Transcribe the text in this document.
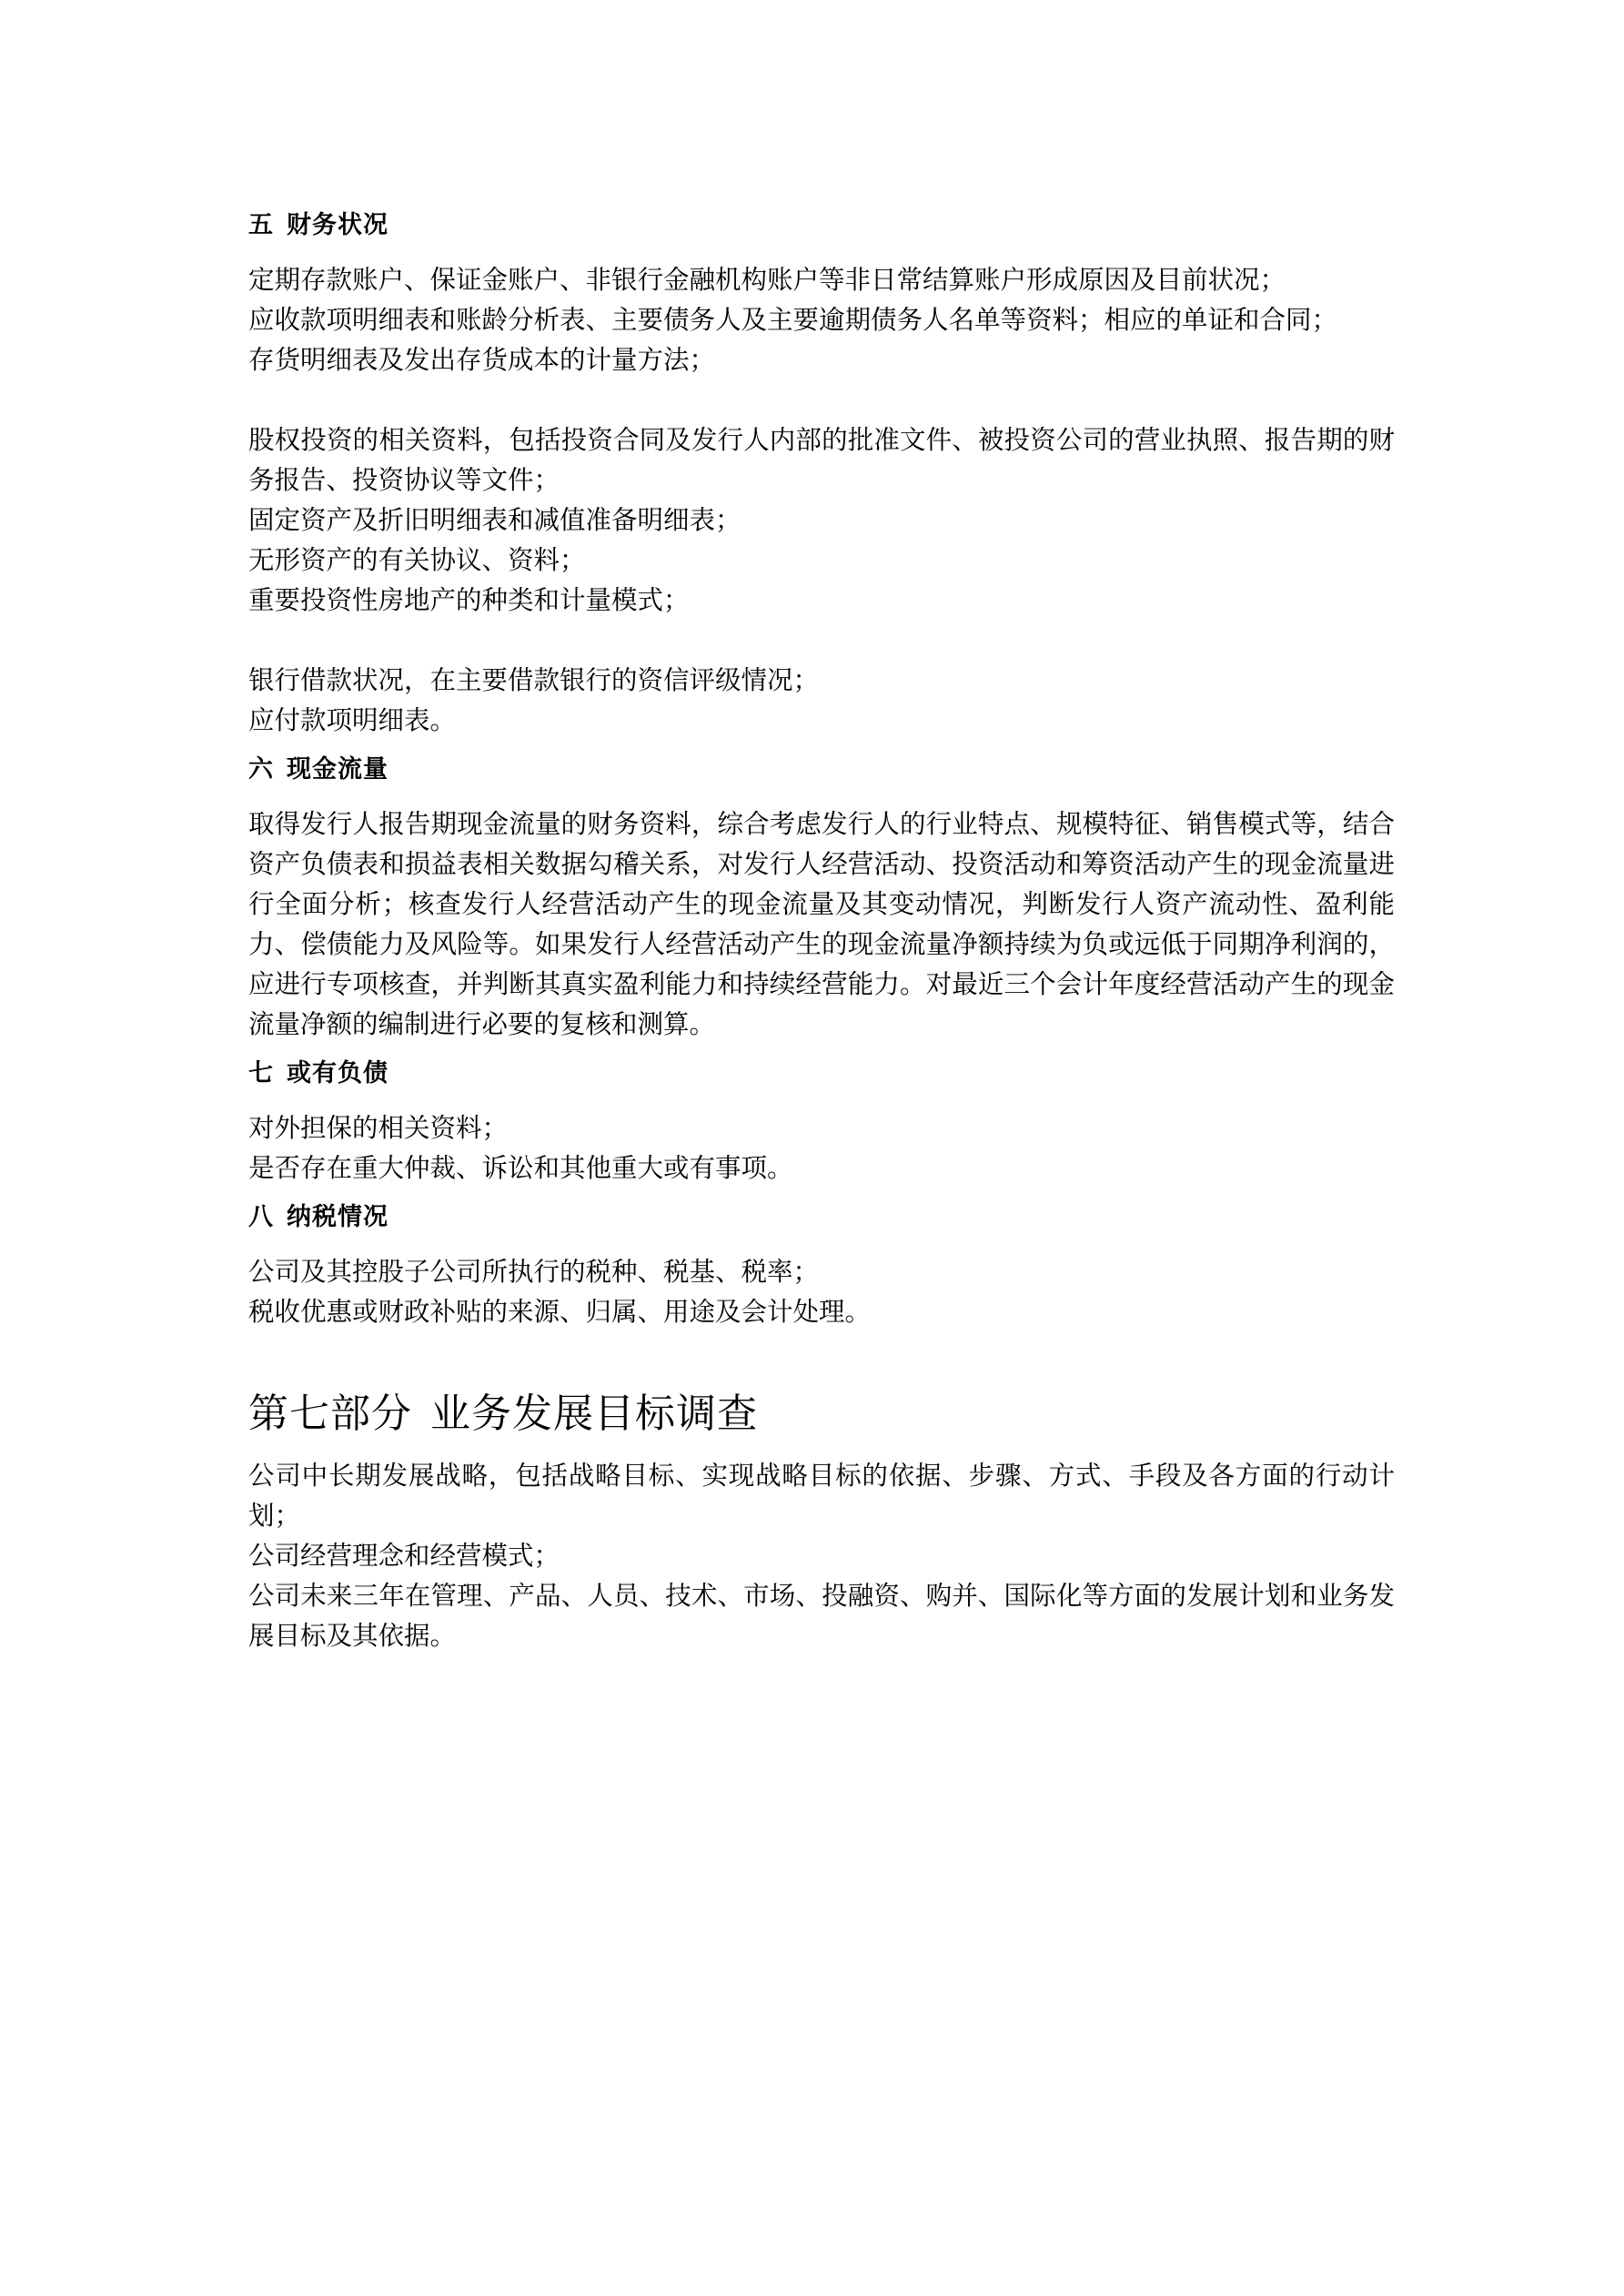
五 财务状况

定期存款账户、保证金账户、非银行金融机构账户等非日常结算账户形成原因及目前状况；

应收款项明细表和账龄分析表、主要债务人及主要逾期债务人名单等资料；相应的单证和合同；

存货明细表及发出存货成本的计量方法；

股权投资的相关资料，包括投资合同及发行人内部的批准文件、被投资公司的营业执照、报告期的财务报告、投资协议等文件；

固定资产及折旧明细表和减值准备明细表；

无形资产的有关协议、资料；

重要投资性房地产的种类和计量模式；

银行借款状况，在主要借款银行的资信评级情况；

应付款项明细表。

六 现金流量

取得发行人报告期现金流量的财务资料，综合考虑发行人的行业特点、规模特征、销售模式等，结合资产负债表和损益表相关数据勾稽关系，对发行人经营活动、投资活动和筹资活动产生的现金流量进行全面分析；核查发行人经营活动产生的现金流量及其变动情况，判断发行人资产流动性、盈利能力、偿债能力及风险等。如果发行人经营活动产生的现金流量净额持续为负或远低于同期净利润的，应进行专项核查，并判断其真实盈利能力和持续经营能力。对最近三个会计年度经营活动产生的现金流量净额的编制进行必要的复核和测算。

七 或有负债

对外担保的相关资料；

是否存在重大仲裁、诉讼和其他重大或有事项。

八 纳税情况

公司及其控股子公司所执行的税种、税基、税率；

税收优惠或财政补贴的来源、归属、用途及会计处理。

第七部分 业务发展目标调查

公司中长期发展战略，包括战略目标、实现战略目标的依据、步骤、方式、手段及各方面的行动计划；

公司经营理念和经营模式；

公司未来三年在管理、产品、人员、技术、市场、投融资、购并、国际化等方面的发展计划和业务发展目标及其依据。
